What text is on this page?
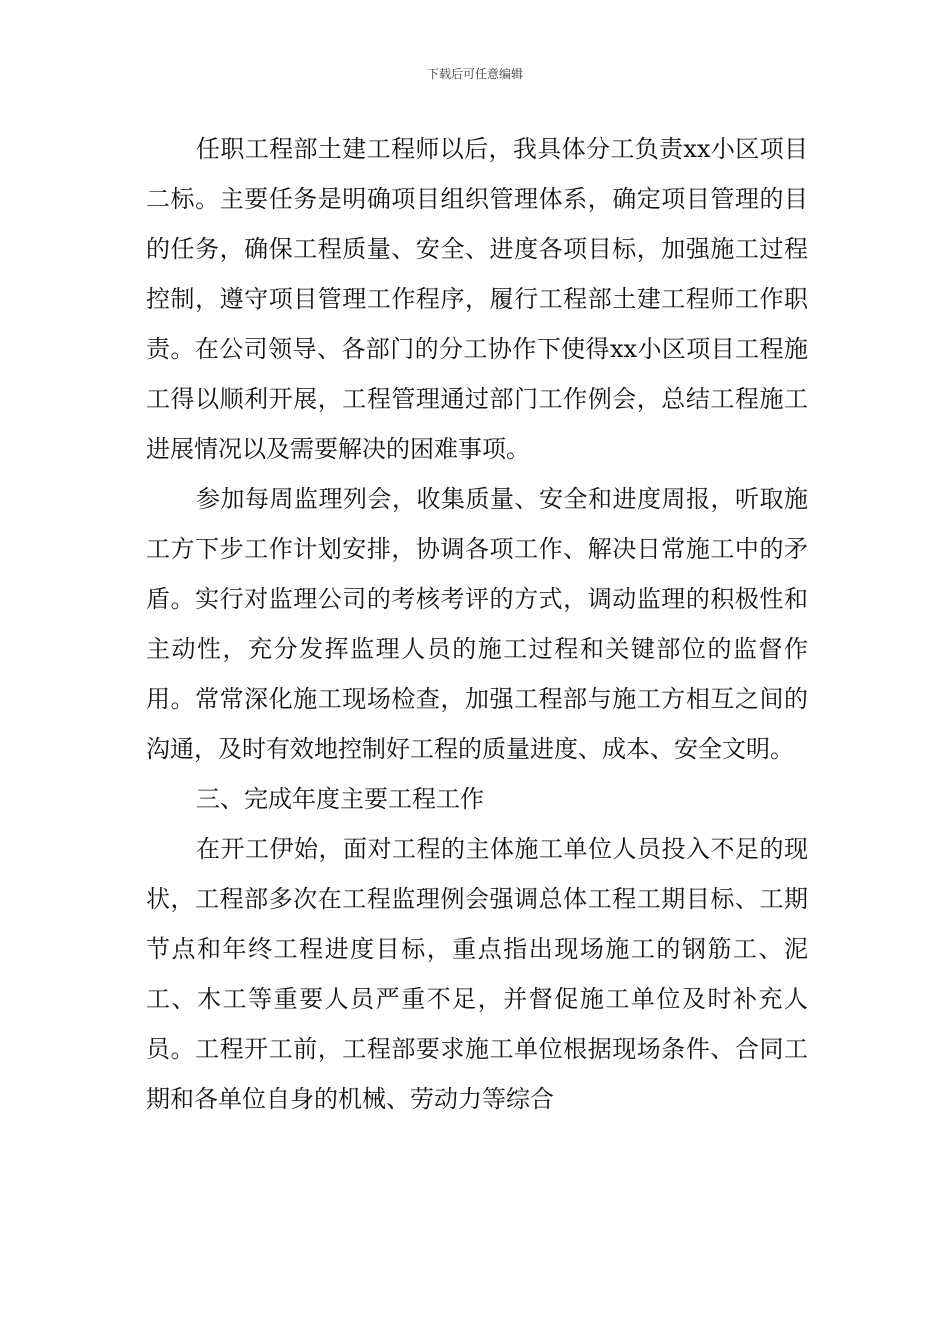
下载后可任意编辑

任职工程部土建工程师以后，我具体分工负责xx小区项目二标。主要任务是明确项目组织管理体系，确定项目管理的目的任务，确保工程质量、安全、进度各项目标，加强施工过程控制，遵守项目管理工作程序，履行工程部土建工程师工作职责。在公司领导、各部门的分工协作下使得xx小区项目工程施工得以顺利开展，工程管理通过部门工作例会，总结工程施工进展情况以及需要解决的困难事项。

参加每周监理列会，收集质量、安全和进度周报，听取施工方下步工作计划安排，协调各项工作、解决日常施工中的矛盾。实行对监理公司的考核考评的方式，调动监理的积极性和主动性，充分发挥监理人员的施工过程和关键部位的监督作用。常常深化施工现场检查，加强工程部与施工方相互之间的沟通，及时有效地控制好工程的质量进度、成本、安全文明。

三、完成年度主要工程工作

在开工伊始，面对工程的主体施工单位人员投入不足的现状，工程部多次在工程监理例会强调总体工程工期目标、工期节点和年终工程进度目标，重点指出现场施工的钢筋工、泥工、木工等重要人员严重不足，并督促施工单位及时补充人员。工程开工前，工程部要求施工单位根据现场条件、合同工期和各单位自身的机械、劳动力等综合
